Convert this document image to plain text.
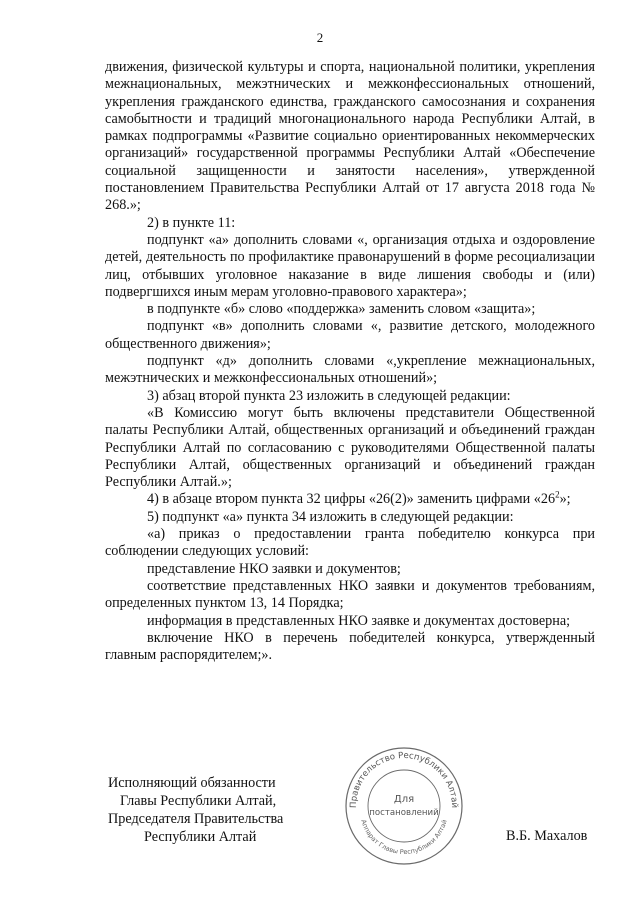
2

движения, физической культуры и спорта, национальной политики, укрепления межнациональных, межэтнических и межконфессиональных отношений, укрепления гражданского единства, гражданского самосознания и сохранения самобытности и традиций многонационального народа Республики Алтай, в рамках подпрограммы «Развитие социально ориентированных некоммерческих организаций» государственной программы Республики Алтай «Обеспечение социальной защищенности и занятости населения», утвержденной постановлением Правительства Республики Алтай от 17 августа 2018 года № 268.»;

2) в пункте 11:

подпункт «а» дополнить словами «, организация отдыха и оздоровление детей, деятельность по профилактике правонарушений в форме ресоциализации лиц, отбывших уголовное наказание в виде лишения свободы и (или) подвергшихся иным мерам уголовно-правового характера»;

в подпункте «б» слово «поддержка» заменить словом «защита»;

подпункт «в» дополнить словами «, развитие детского, молодежного общественного движения»;

подпункт «д» дополнить словами «,укрепление межнациональных, межэтнических и межконфессиональных отношений»;

3) абзац второй пункта 23 изложить в следующей редакции:

«В Комиссию могут быть включены представители Общественной палаты Республики Алтай, общественных организаций и объединений граждан Республики Алтай по согласованию с руководителями Общественной палаты Республики Алтай, общественных организаций и объединений граждан Республики Алтай.»;

4) в абзаце втором пункта 32 цифры «26(2)» заменить цифрами «$26^2$»;

5) подпункт «а» пункта 34 изложить в следующей редакции:

«а) приказ о предоставлении гранта победителю конкурса при соблюдении следующих условий:

представление НКО заявки и документов;

соответствие представленных НКО заявки и документов требованиям, определенных пунктом 13, 14 Порядка;

информация в представленных НКО заявке и документах достоверна;

включение НКО в перечень победителей конкурса, утвержденный главным распорядителем;».

Исполняющий обязанности
Главы Республики Алтай,
Председателя Правительства
Республики Алтай	В.Б. Махалов
Правительство Республики Алтай
Аппарат Главы Республики Алтай
Для
постановлений
